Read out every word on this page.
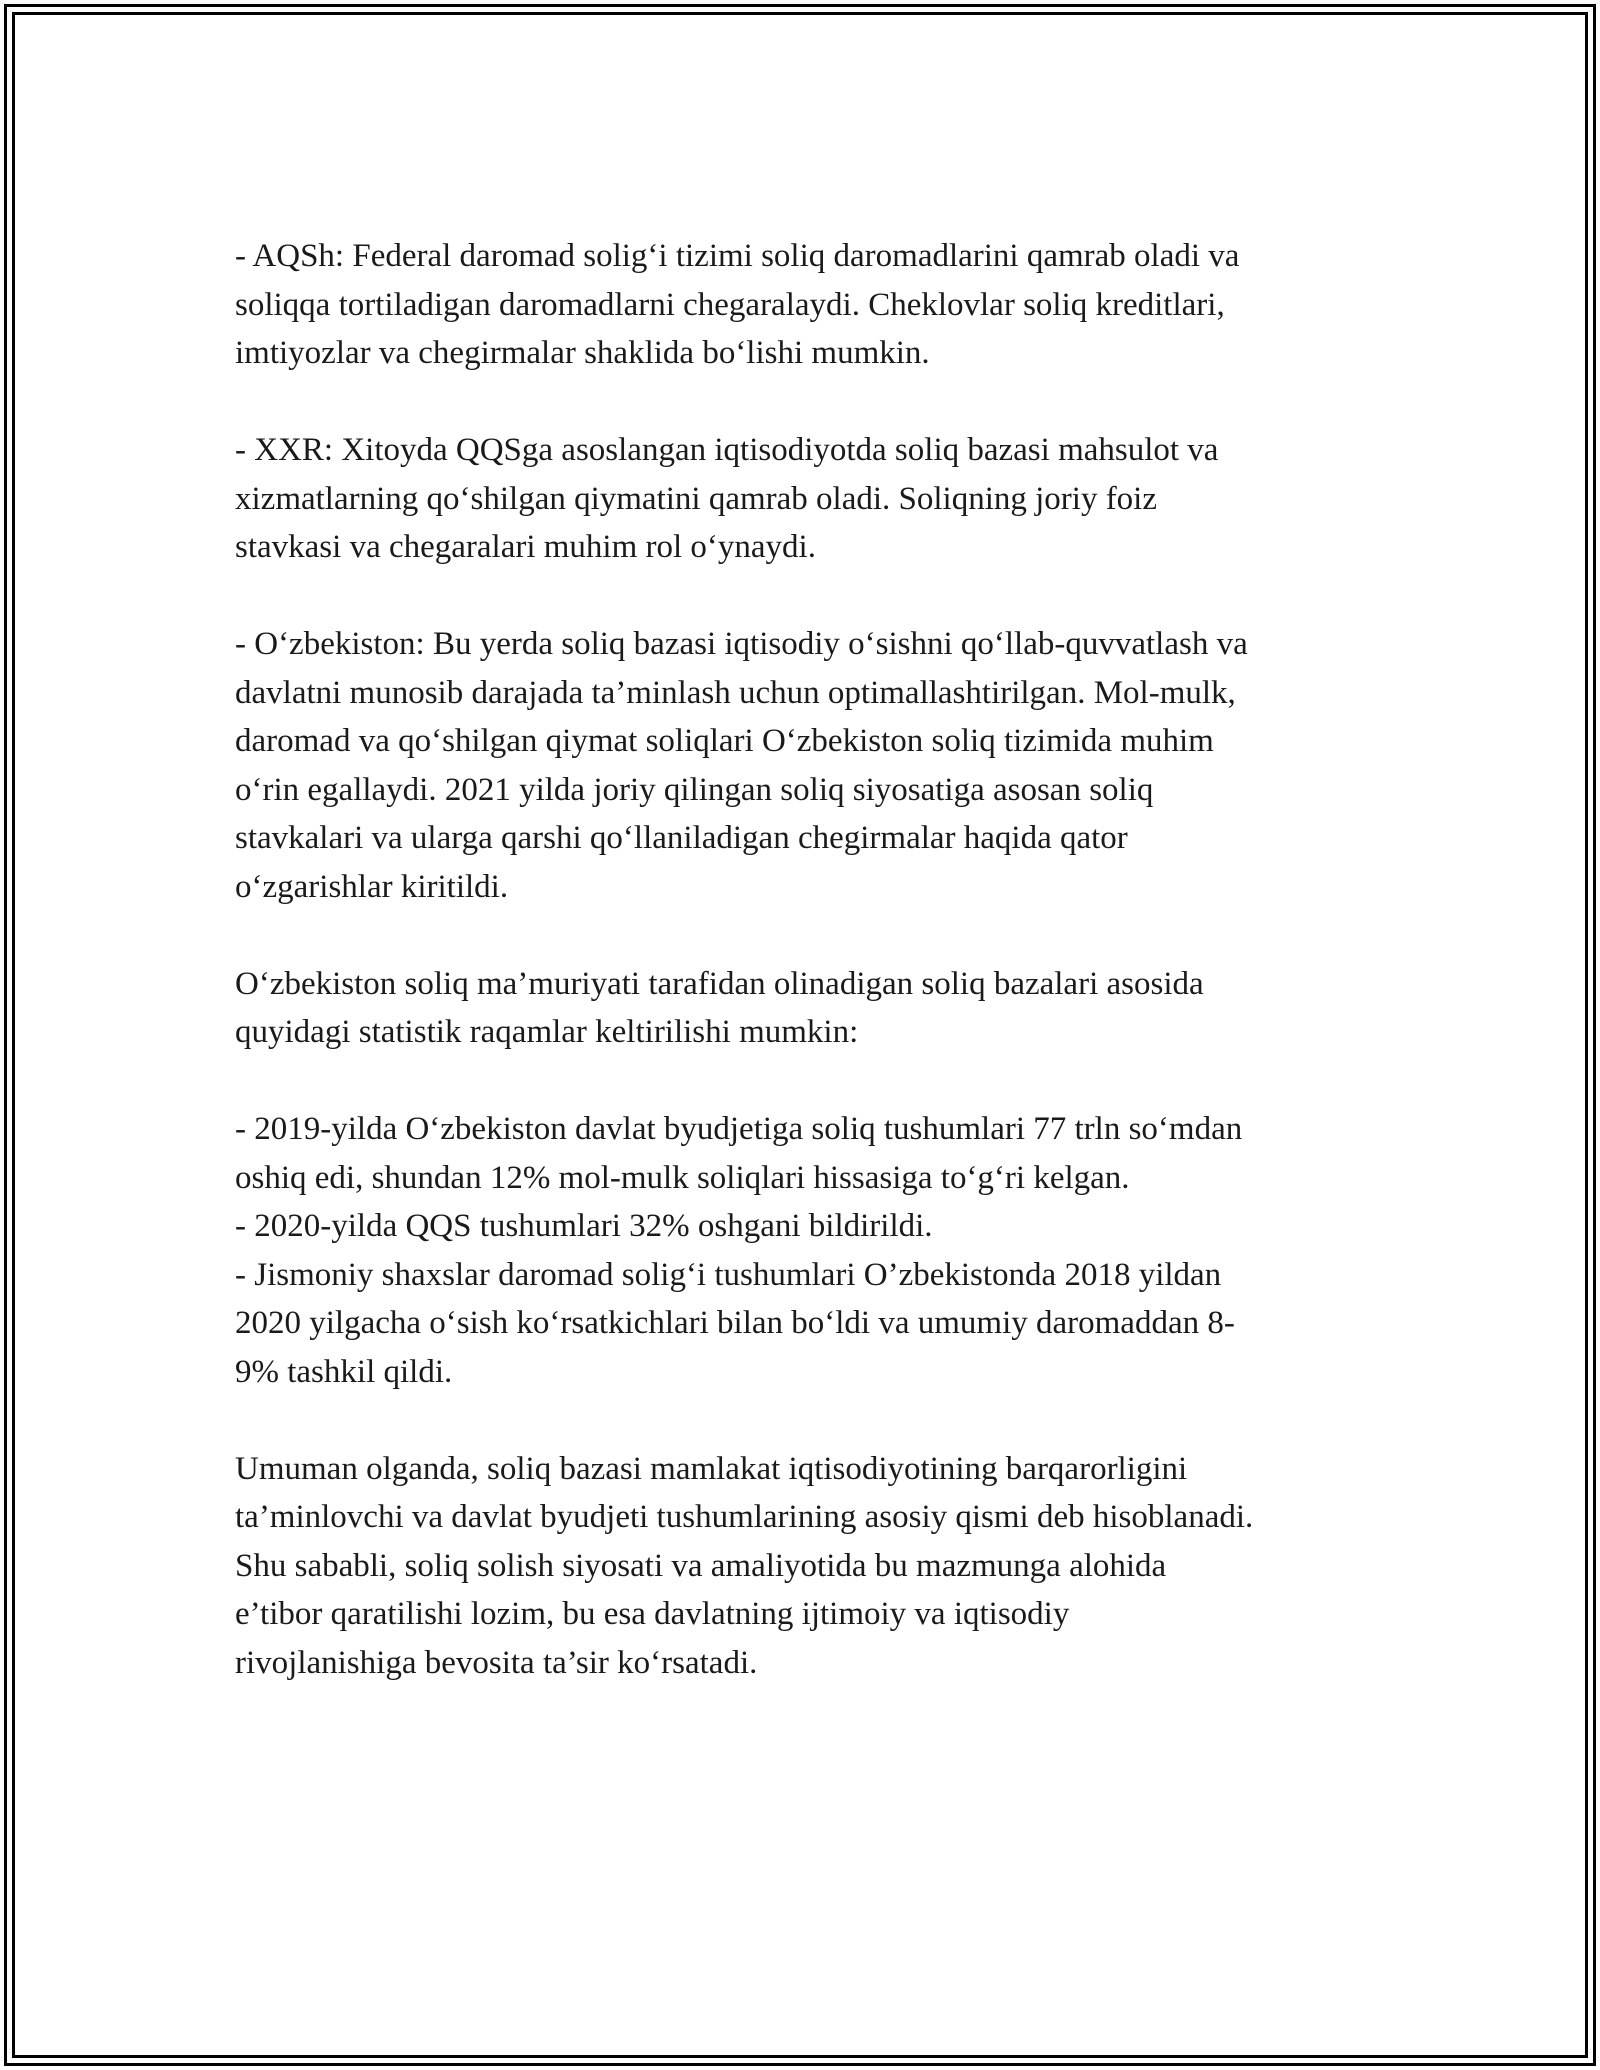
- AQSh: Federal daromad solig‘i tizimi soliq daromadlarini qamrab oladi va
soliqqa tortiladigan daromadlarni chegaralaydi. Cheklovlar soliq kreditlari,
imtiyozlar va chegirmalar shaklida bo‘lishi mumkin.

- XXR: Xitoyda QQSga asoslangan iqtisodiyotda soliq bazasi mahsulot va
xizmatlarning qo‘shilgan qiymatini qamrab oladi. Soliqning joriy foiz
stavkasi va chegaralari muhim rol o‘ynaydi.

- O‘zbekiston: Bu yerda soliq bazasi iqtisodiy o‘sishni qo‘llab-quvvatlash va
davlatni munosib darajada ta’minlash uchun optimallashtirilgan. Mol-mulk,
daromad va qo‘shilgan qiymat soliqlari O‘zbekiston soliq tizimida muhim
o‘rin egallaydi. 2021 yilda joriy qilingan soliq siyosatiga asosan soliq
stavkalari va ularga qarshi qo‘llaniladigan chegirmalar haqida qator
o‘zgarishlar kiritildi.

O‘zbekiston soliq ma’muriyati tarafidan olinadigan soliq bazalari asosida
quyidagi statistik raqamlar keltirilishi mumkin:

- 2019-yilda O‘zbekiston davlat byudjetiga soliq tushumlari 77 trln so‘mdan
oshiq edi, shundan 12% mol-mulk soliqlari hissasiga to‘g‘ri kelgan.
- 2020-yilda QQS tushumlari 32% oshgani bildirildi.
- Jismoniy shaxslar daromad solig‘i tushumlari O’zbekistonda 2018 yildan
2020 yilgacha o‘sish ko‘rsatkichlari bilan bo‘ldi va umumiy daromaddan 8-
9% tashkil qildi.

Umuman olganda, soliq bazasi mamlakat iqtisodiyotining barqarorligini
ta’minlovchi va davlat byudjeti tushumlarining asosiy qismi deb hisoblanadi.
Shu sababli, soliq solish siyosati va amaliyotida bu mazmunga alohida
e’tibor qaratilishi lozim, bu esa davlatning ijtimoiy va iqtisodiy
rivojlanishiga bevosita ta’sir ko‘rsatadi.
